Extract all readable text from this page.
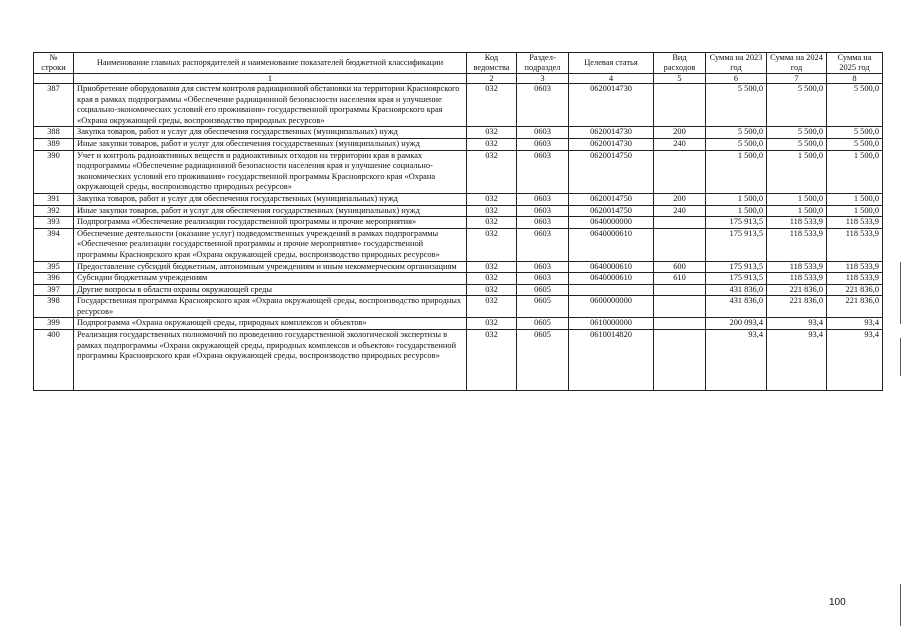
№ строки	Наименование главных распорядителей и наименование показателей бюджетной классификации	Код ведомства	Раздел-подраздел	Целевая статья	Вид расходов	Сумма на 2023 год	Сумма на 2024 год	Сумма на 2025 год
	1	2	3	4	5	6	7	8
387	Приобретение оборудования для систем контроля радиационной обстановки на территории Красноярского края в рамках подпрограммы «Обеспечение радиационной безопасности населения края и улучшение социально-экономических условий его проживания» государственной программы Красноярского края «Охрана окружающей среды, воспроизводство природных ресурсов»	032	0603	0620014730		5 500,0	5 500,0	5 500,0
388	Закупка товаров, работ и услуг для обеспечения государственных (муниципальных) нужд	032	0603	0620014730	200	5 500,0	5 500,0	5 500,0
389	Иные закупки товаров, работ и услуг для обеспечения государственных (муниципальных) нужд	032	0603	0620014730	240	5 500,0	5 500,0	5 500,0
390	Учет и контроль радиоактивных веществ и радиоактивных отходов на территории края в рамках подпрограммы «Обеспечение радиационной безопасности населения края и улучшение социально-экономических условий его проживания» государственной программы Красноярского края «Охрана окружающей среды, воспроизводство природных ресурсов»	032	0603	0620014750		1 500,0	1 500,0	1 500,0
391	Закупка товаров, работ и услуг для обеспечения государственных (муниципальных) нужд	032	0603	0620014750	200	1 500,0	1 500,0	1 500,0
392	Иные закупки товаров, работ и услуг для обеспечения государственных (муниципальных) нужд	032	0603	0620014750	240	1 500,0	1 500,0	1 500,0
393	Подпрограмма «Обеспечение реализации государственной программы и прочие мероприятия»	032	0603	0640000000		175 913,5	118 533,9	118 533,9
394	Обеспечение деятельности (оказание услуг) подведомственных учреждений в рамках подпрограммы «Обеспечение реализации государственной программы и прочие мероприятия» государственной программы Красноярского края «Охрана окружающей среды, воспроизводство природных ресурсов»	032	0603	0640000610		175 913,5	118 533,9	118 533,9
395	Предоставление субсидий бюджетным, автономным учреждениям и иным некоммерческим организациям	032	0603	0640000610	600	175 913,5	118 533,9	118 533,9
396	Субсидии бюджетным учреждениям	032	0603	0640000610	610	175 913,5	118 533,9	118 533,9
397	Другие вопросы в области охраны окружающей среды	032	0605			431 836,0	221 836,0	221 836,0
398	Государственная программа Красноярского края «Охрана окружающей среды, воспроизводство природных ресурсов»	032	0605	0600000000		431 836,0	221 836,0	221 836,0
399	Подпрограмма «Охрана окружающей среды, природных комплексов и объектов»	032	0605	0610000000		200 093,4	93,4	93,4
400	Реализация государственных полномочий по проведению государственной экологической экспертизы в рамках подпрограммы «Охрана окружающей среды, природных комплексов и объектов» государственной программы Красноярского края «Охрана окружающей среды, воспроизводство природных ресурсов»	032	0605	0610014820		93,4	93,4	93,4
100
